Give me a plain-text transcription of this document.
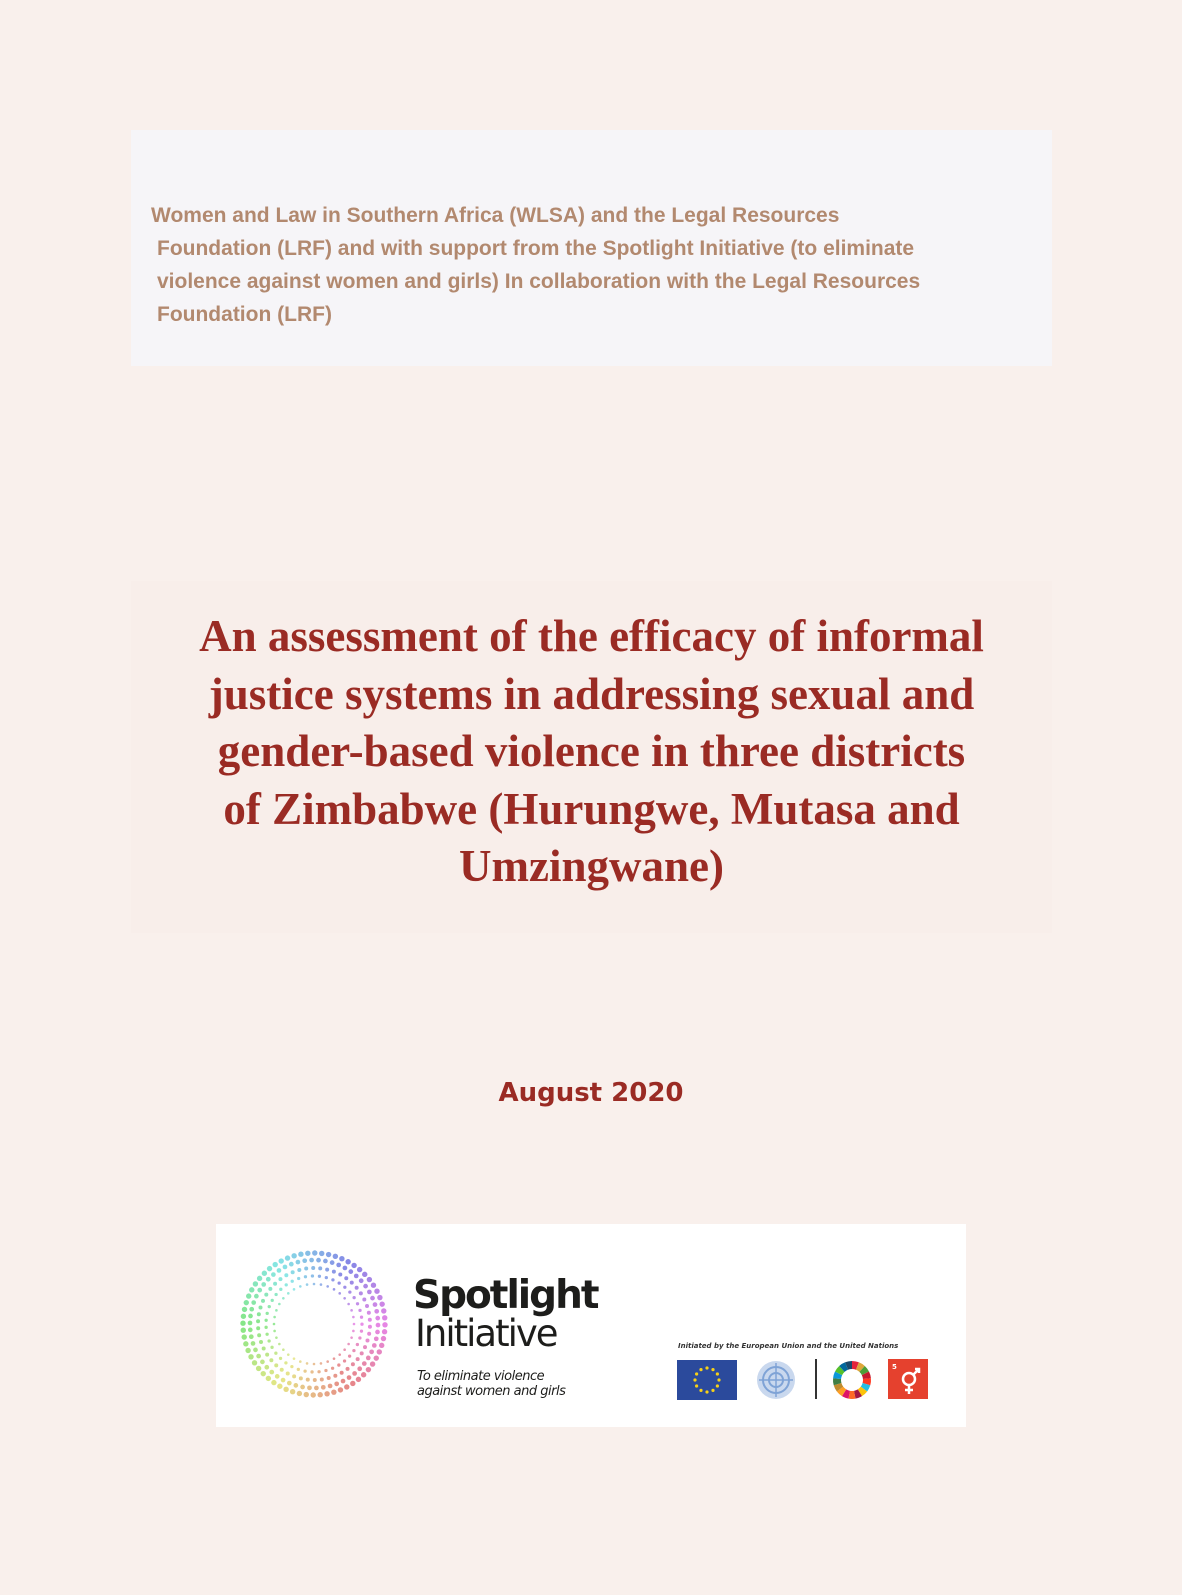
Women and Law in Southern Africa (WLSA) and the Legal Resources
Foundation (LRF) and with support from the Spotlight Initiative (to eliminate
violence against women and girls) In collaboration with the Legal Resources
Foundation (LRF)
An assessment of the efficacy of informal
justice systems in addressing sexual and
gender-based violence in three districts
of Zimbabwe (Hurungwe, Mutasa and
Umzingwane)
August 2020
Spotlight
Initiative
To eliminate violence
against women and girls
Initiated by the European Union and the United Nations
5
